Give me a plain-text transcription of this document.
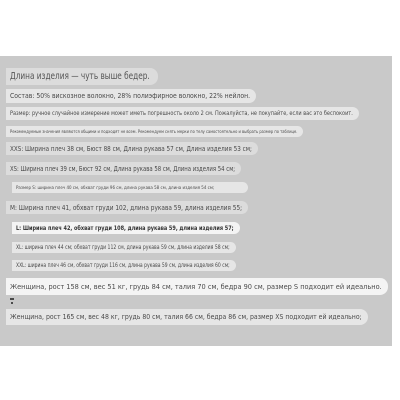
Длина изделия — чуть выше бедер.
Состав: 50% вискозное волокно, 28% полиэфирное волокно, 22% нейлон.
Размер: ручное случайное измерение может иметь погрешность около 2 см. Пожалуйста, не покупайте, если вас это беспокоит.
Рекомендуемые значения являются общими и подходят не всем. Рекомендуем снять мерки по телу самостоятельно и выбрать размер по таблице.
XXS: Ширина плеч 38 см, Бюст 88 см, Длина рукава 57 см, Длина изделия 53 см;
XS: Ширина плеч 39 см, Бюст 92 см, Длина рукава 58 см, Длина изделия 54 см;
Размер S: ширина плеч 40 см, обхват груди 96 см, длина рукава 58 см, длина изделия 54 см;
M: Ширина плеч 41, обхват груди 102, длина рукава 59, длина изделия 55;
L: Ширина плеч 42, обхват груди 108, длина рукава 59, длина изделия 57;
XL: ширина плеч 44 см; обхват груди 112 см, длина рукава 59 см, длина изделия 58 см;
XXL: ширина плеч 46 см, обхват груди 116 см, длина рукава 59 см, длина изделия 60 см;
Женщина, рост 158 см, вес 51 кг, грудь 84 см, талия 70 см, бедра 90 см, размер S подходит ей идеально.
Женщина, рост 165 см, вес 48 кг, грудь 80 см, талия 66 см, бедра 86 см, размер XS подходит ей идеально;
